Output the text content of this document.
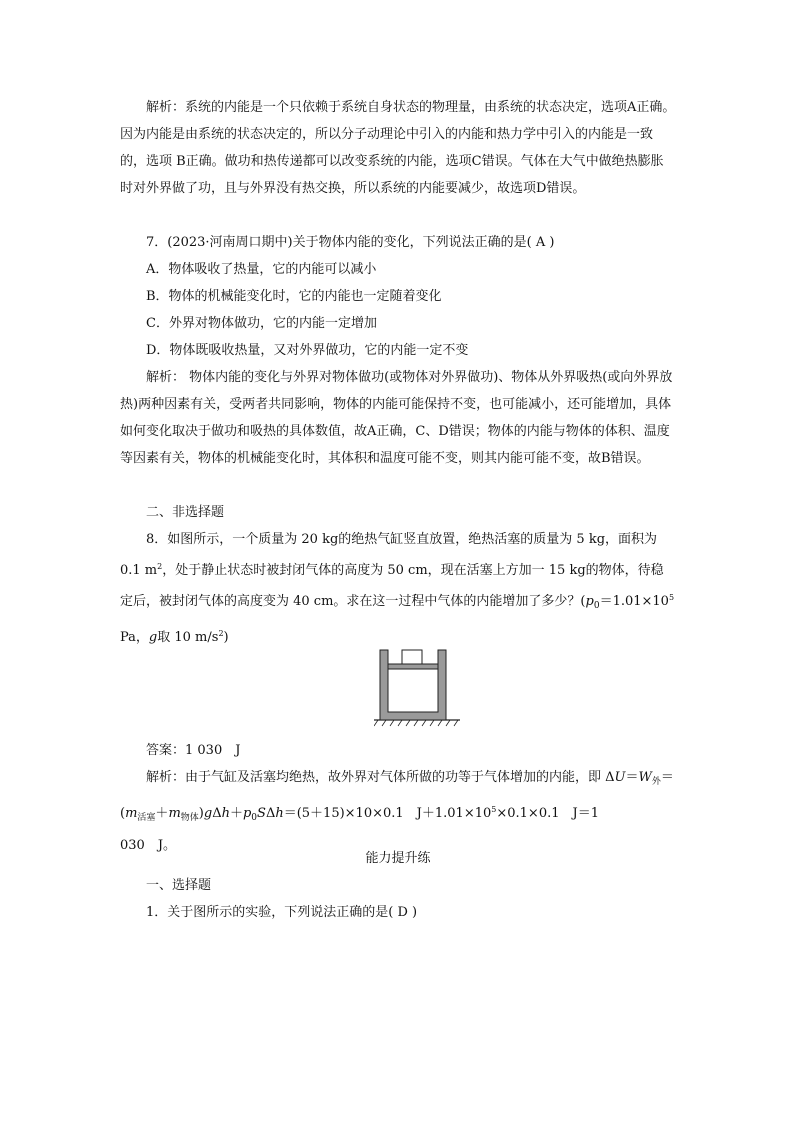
解析：系统的内能是一个只依赖于系统自身状态的物理量，由系统的状态决定，选项A正确。因为内能是由系统的状态决定的，所以分子动理论中引入的内能和热力学中引入的内能是一致的，选项 B正确。做功和热传递都可以改变系统的内能，选项C错误。气体在大气中做绝热膨胀时对外界做了功，且与外界没有热交换，所以系统的内能要减少，故选项D错误。

7．(2023·河南周口期中)关于物体内能的变化，下列说法正确的是( A )

A．物体吸收了热量，它的内能可以减小

B．物体的机械能变化时，它的内能也一定随着变化

C．外界对物体做功，它的内能一定增加

D．物体既吸收热量，又对外界做功，它的内能一定不变

解析： 物体内能的变化与外界对物体做功(或物体对外界做功)、物体从外界吸热(或向外界放热)两种因素有关，受两者共同影响，物体的内能可能保持不变，也可能减小，还可能增加，具体如何变化取决于做功和吸热的具体数值，故A正确，C、D错误；物体的内能与物体的体积、温度等因素有关，物体的机械能变化时，其体积和温度可能不变，则其内能可能不变，故B错误。

二、非选择题

8．如图所示，一个质量为 20 kg的绝热气缸竖直放置，绝热活塞的质量为 5 kg，面积为 0.1 $m^2$，处于静止状态时被封闭气体的高度为 50 cm，现在活塞上方加一 15 kg的物体，待稳定后，被封闭气体的高度变为 40 cm。求在这一过程中气体的内能增加了多少？($p_0=1.01\times 10^5$ Pa，g取 10 $m/s^2$)

答案：1 030　J

解析：由于气缸及活塞均绝热，故外界对气体所做的功等于气体增加的内能，即 $\Delta U=W_外=(m_{活塞}+m_{物体})g\Delta h+p_0S\Delta h=(5+15)\times 10\times 0.1$　$J+1.01\times 10^5\times 0.1\times 0.1$　J＝1
030　J。

能力提升练

一、选择题

1．关于图所示的实验，下列说法正确的是( D )
